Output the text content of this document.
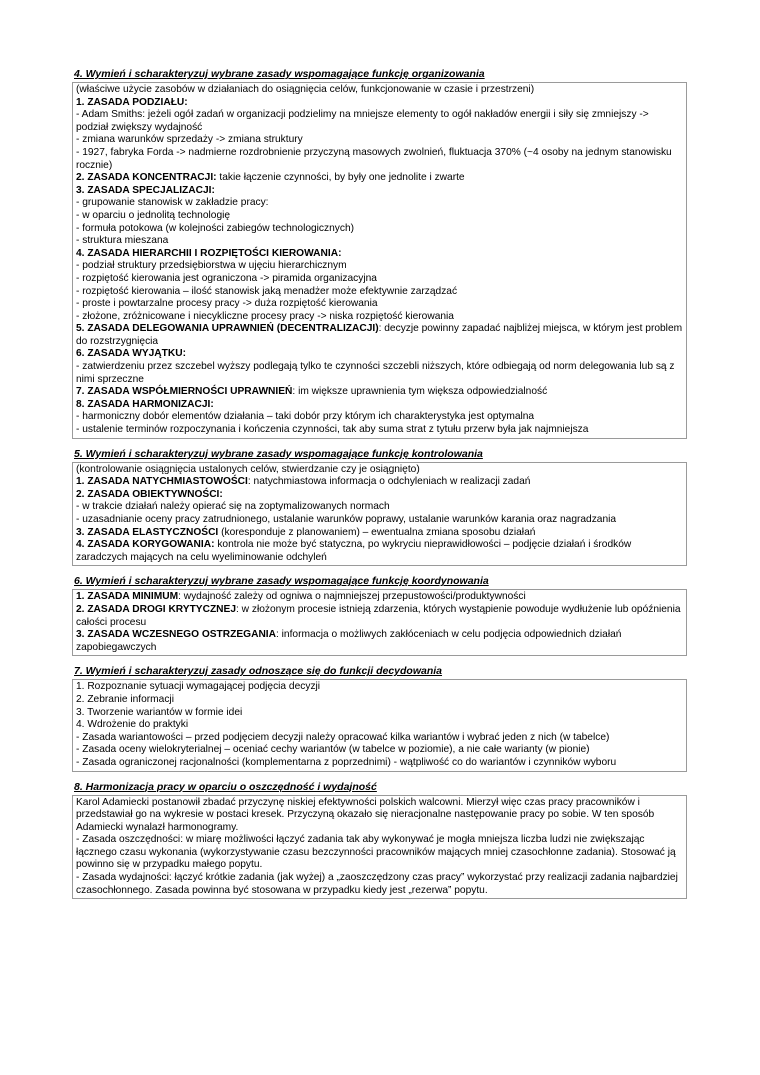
4. Wymień i scharakteryzuj wybrane zasady wspomagające funkcję organizowania
(właściwe użycie zasobów w działaniach do osiągnięcia celów, funkcjonowanie w czasie i przestrzeni)
1. ZASADA PODZIAŁU:
- Adam Smiths: jeżeli ogół zadań w organizacji podzielimy na mniejsze elementy to ogół nakładów energii i siły się zmniejszy -> podział zwiększy wydajność
- zmiana warunków sprzedaży -> zmiana struktury
- 1927, fabryka Forda -> nadmierne rozdrobnienie przyczyną masowych zwolnień, fluktuacja 370% (~4 osoby na jednym stanowisku rocznie)
2. ZASADA KONCENTRACJI: takie łączenie czynności, by były one jednolite i zwarte
3. ZASADA SPECJALIZACJI:
- grupowanie stanowisk w zakładzie pracy:
- w oparciu o jednolitą technologię
- formuła potokowa (w kolejności zabiegów technologicznych)
- struktura mieszana
4. ZASADA HIERARCHII I ROZPIĘTOŚCI KIEROWANIA:
- podział struktury przedsiębiorstwa w ujęciu hierarchicznym
- rozpiętość kierowania jest ograniczona -> piramida organizacyjna
- rozpiętość kierowania – ilość stanowisk jaką menadżer może efektywnie zarządzać
- proste i powtarzalne procesy pracy -> duża rozpiętość kierowania
- złożone, zróżnicowane i niecykliczne procesy pracy -> niska rozpiętość kierowania
5. ZASADA DELEGOWANIA UPRAWNIEŃ (DECENTRALIZACJI): decyzje powinny zapadać najbliżej miejsca, w którym jest problem do rozstrzygnięcia
6. ZASADA WYJĄTKU:
- zatwierdzeniu przez szczebel wyższy podlegają tylko te czynności szczebli niższych, które odbiegają od norm delegowania lub są z nimi sprzeczne
7. ZASADA WSPÓŁMIERNOŚCI UPRAWNIEŃ: im większe uprawnienia tym większa odpowiedzialność
8. ZASADA HARMONIZACJI:
- harmoniczny dobór elementów działania – taki dobór przy którym ich charakterystyka jest optymalna
- ustalenie terminów rozpoczynania i kończenia czynności, tak aby suma strat z tytułu przerw była jak najmniejsza
5. Wymień i scharakteryzuj wybrane zasady wspomagające funkcję kontrolowania
(kontrolowanie osiągnięcia ustalonych celów, stwierdzanie czy je osiągnięto)
1. ZASADA NATYCHMIASTOWOŚCI: natychmiastowa informacja o odchyleniach w realizacji zadań
2. ZASADA OBIEKTYWNOŚCI:
- w trakcie działań należy opierać się na zoptymalizowanych normach
- uzasadnianie oceny pracy zatrudnionego, ustalanie warunków poprawy, ustalanie warunków karania oraz nagradzania
3. ZASADA ELASTYCZNOŚCI (koresponduje z planowaniem) – ewentualna zmiana sposobu działań
4. ZASADA KORYGOWANIA: kontrola nie może być statyczna, po wykryciu nieprawidłowości – podjęcie działań i środków zaradczych mających na celu wyeliminowanie odchyleń
6. Wymień i scharakteryzuj wybrane zasady wspomagające funkcję koordynowania
1. ZASADA MINIMUM: wydajność zależy od ogniwa o najmniejszej przepustowości/produktywności
2. ZASADA DROGI KRYTYCZNEJ: w złożonym procesie istnieją zdarzenia, których wystąpienie powoduje wydłużenie lub opóźnienia całości procesu
3. ZASADA WCZESNEGO OSTRZEGANIA: informacja o możliwych zakłóceniach w celu podjęcia odpowiednich działań zapobiegawczych
7. Wymień i scharakteryzuj zasady odnoszące się do funkcji decydowania
1. Rozpoznanie sytuacji wymagającej podjęcia decyzji
2. Zebranie informacji
3. Tworzenie wariantów w formie idei
4. Wdrożenie do praktyki
- Zasada wariantowości – przed podjęciem decyzji należy opracować kilka wariantów i wybrać jeden z nich (w tabelce)
- Zasada oceny wielokryterialnej – oceniać cechy wariantów (w tabelce w poziomie), a nie całe warianty (w pionie)
- Zasada ograniczonej racjonalności (komplementarna z poprzednimi) - wątpliwość co do wariantów i czynników wyboru
8. Harmonizacja pracy w oparciu o oszczędność i wydajność
Karol Adamiecki postanowił zbadać przyczynę niskiej efektywności polskich walcowni. Mierzył więc czas pracy pracowników i przedstawiał go na wykresie w postaci kresek. Przyczyną okazało się nieracjonalne następowanie pracy po sobie. W ten sposób Adamiecki wynalazł harmonogramy.
- Zasada oszczędności: w miarę możliwości łączyć zadania tak aby wykonywać je mogła mniejsza liczba ludzi nie zwiększając łącznego czasu wykonania (wykorzystywanie czasu bezczynności pracowników mających mniej czasochłonne zadania). Stosować ją powinno się w przypadku małego popytu.
- Zasada wydajności: łączyć krótkie zadania (jak wyżej) a „zaoszczędzony czas pracy” wykorzystać przy realizacji zadania najbardziej czasochłonnego. Zasada powinna być stosowana w przypadku kiedy jest „rezerwa” popytu.
